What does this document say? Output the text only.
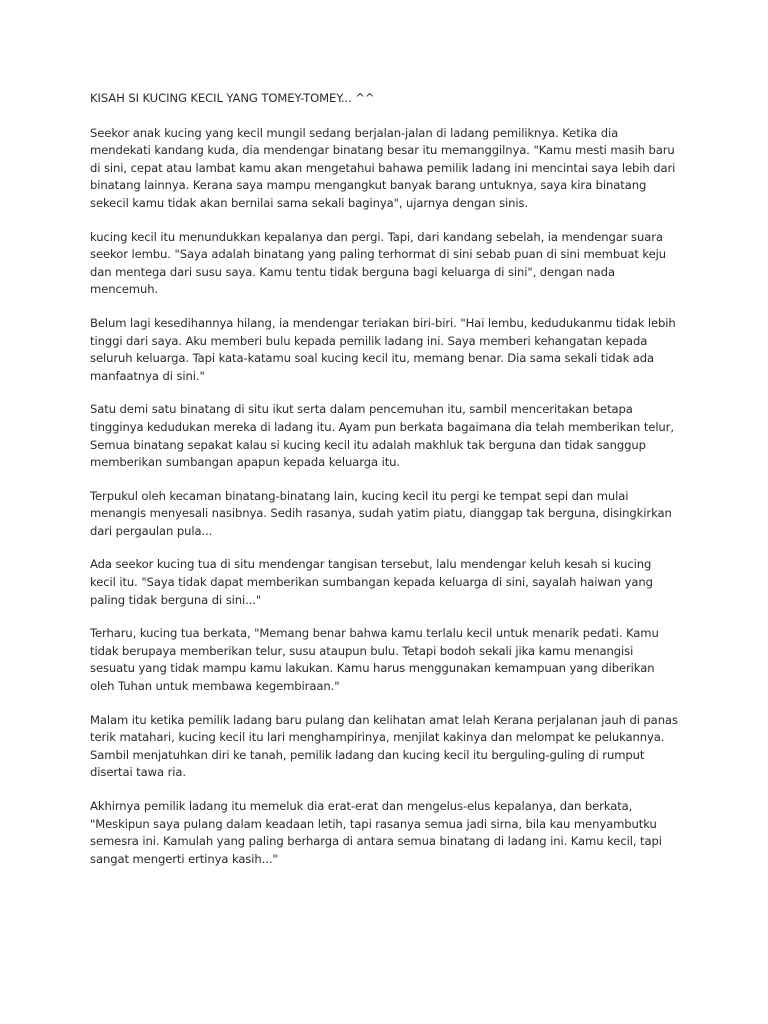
KISAH SI KUCING KECIL YANG TOMEY-TOMEY... ^^

Seekor anak kucing yang kecil mungil sedang berjalan-jalan di ladang pemiliknya. Ketika dia mendekati kandang kuda, dia mendengar binatang besar itu memanggilnya. "Kamu mesti masih baru di sini, cepat atau lambat kamu akan mengetahui bahawa pemilik ladang ini mencintai saya lebih dari binatang lainnya. Kerana saya mampu mengangkut banyak barang untuknya, saya kira binatang sekecil kamu tidak akan bernilai sama sekali baginya", ujarnya dengan sinis.

kucing kecil itu menundukkan kepalanya dan pergi. Tapi, dari kandang sebelah, ia mendengar suara seekor lembu. "Saya adalah binatang yang paling terhormat di sini sebab puan di sini membuat keju dan mentega dari susu saya. Kamu tentu tidak berguna bagi keluarga di sini", dengan nada mencemuh.

Belum lagi kesedihannya hilang, ia mendengar teriakan biri-biri. "Hai lembu, kedudukanmu tidak lebih tinggi dari saya. Aku memberi bulu kepada pemilik ladang ini. Saya memberi kehangatan kepada seluruh keluarga. Tapi kata-katamu soal kucing kecil itu, memang benar. Dia sama sekali tidak ada manfaatnya di sini."

Satu demi satu binatang di situ ikut serta dalam pencemuhan itu, sambil menceritakan betapa tingginya kedudukan mereka di ladang itu. Ayam pun berkata bagaimana dia telah memberikan telur, Semua binatang sepakat kalau si kucing kecil itu adalah makhluk tak berguna dan tidak sanggup memberikan sumbangan apapun kepada keluarga itu.

Terpukul oleh kecaman binatang-binatang lain, kucing kecil itu pergi ke tempat sepi dan mulai menangis menyesali nasibnya. Sedih rasanya, sudah yatim piatu, dianggap tak berguna, disingkirkan dari pergaulan pula...

Ada seekor kucing tua di situ mendengar tangisan tersebut, lalu mendengar keluh kesah si kucing kecil itu. "Saya tidak dapat memberikan sumbangan kepada keluarga di sini, sayalah haiwan yang paling tidak berguna di sini..."

Terharu, kucing tua berkata, "Memang benar bahwa kamu terlalu kecil untuk menarik pedati. Kamu tidak berupaya memberikan telur, susu ataupun bulu. Tetapi bodoh sekali jika kamu menangisi sesuatu yang tidak mampu kamu lakukan. Kamu harus menggunakan kemampuan yang diberikan oleh Tuhan untuk membawa kegembiraan."

Malam itu ketika pemilik ladang baru pulang dan kelihatan amat lelah Kerana perjalanan jauh di panas terik matahari, kucing kecil itu lari menghampirinya, menjilat kakinya dan melompat ke pelukannya. Sambil menjatuhkan diri ke tanah, pemilik ladang dan kucing kecil itu berguling-guling di rumput disertai tawa ria.

Akhirnya pemilik ladang itu memeluk dia erat-erat dan mengelus-elus kepalanya, dan berkata, "Meskipun saya pulang dalam keadaan letih, tapi rasanya semua jadi sirna, bila kau menyambutku semesra ini. Kamulah yang paling berharga di antara semua binatang di ladang ini. Kamu kecil, tapi sangat mengerti ertinya kasih..."
